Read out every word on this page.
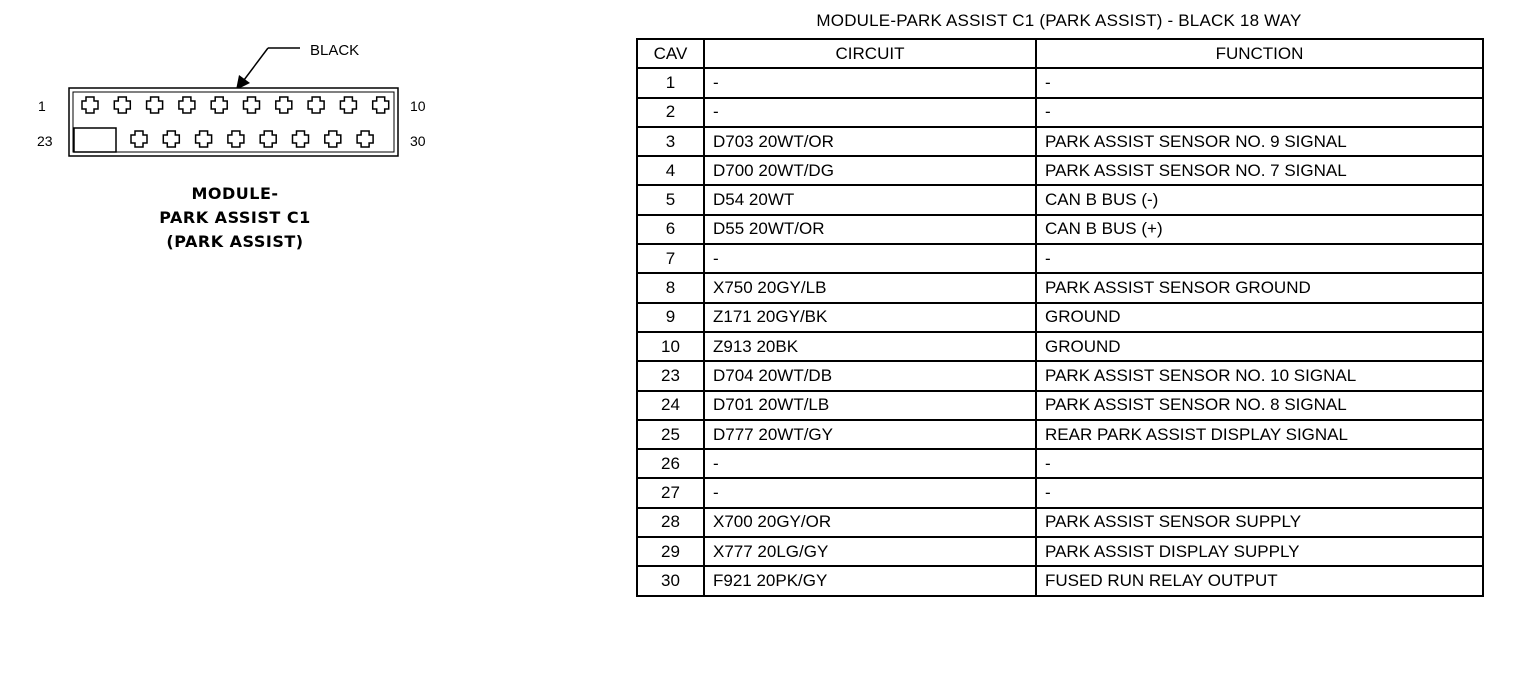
BLACK
1
23
10
30
MODULE-
PARK ASSIST C1
(PARK ASSIST)
MODULE-PARK ASSIST C1 (PARK ASSIST) - BLACK 18 WAY
CAV	CIRCUIT	FUNCTION
1	-	-
2	-	-
3	D703 20WT/OR	PARK ASSIST SENSOR NO. 9 SIGNAL
4	D700 20WT/DG	PARK ASSIST SENSOR NO. 7 SIGNAL
5	D54 20WT	CAN B BUS (-)
6	D55 20WT/OR	CAN B BUS (+)
7	-	-
8	X750 20GY/LB	PARK ASSIST SENSOR GROUND
9	Z171 20GY/BK	GROUND
10	Z913 20BK	GROUND
23	D704 20WT/DB	PARK ASSIST SENSOR NO. 10 SIGNAL
24	D701 20WT/LB	PARK ASSIST SENSOR NO. 8 SIGNAL
25	D777 20WT/GY	REAR PARK ASSIST DISPLAY SIGNAL
26	-	-
27	-	-
28	X700 20GY/OR	PARK ASSIST SENSOR SUPPLY
29	X777 20LG/GY	PARK ASSIST DISPLAY SUPPLY
30	F921 20PK/GY	FUSED RUN RELAY OUTPUT
